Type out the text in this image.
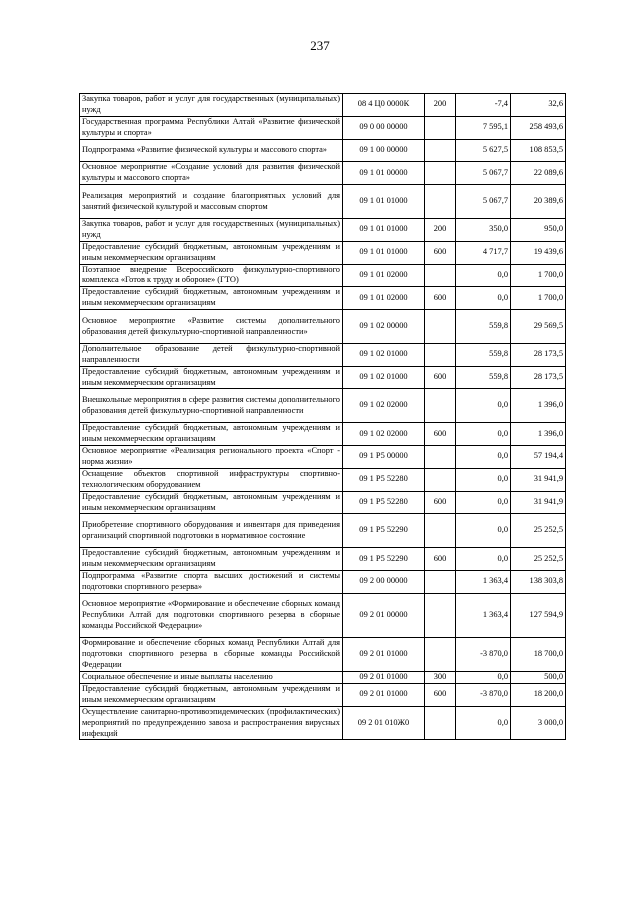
237
Закупка товаров, работ и услуг для государственных (муниципальных) нужд	08 4 Ц0 0000К	200	-7,4	32,6
Государственная программа Республики Алтай «Развитие физической культуры и спорта»	09 0 00 00000		7 595,1	258 493,6
Подпрограмма «Развитие физической культуры и массового спорта»	09 1 00 00000		5 627,5	108 853,5
Основное мероприятие «Создание условий для развития физической культуры и массового спорта»	09 1 01 00000		5 067,7	22 089,6
Реализация мероприятий и создание благоприятных условий для занятий физической культурой и массовым спортом	09 1 01 01000		5 067,7	20 389,6
Закупка товаров, работ и услуг для государственных (муниципальных) нужд	09 1 01 01000	200	350,0	950,0
Предоставление субсидий бюджетным, автономным учреждениям и иным некоммерческим организациям	09 1 01 01000	600	4 717,7	19 439,6
Поэтапное внедрение Всероссийского физкультурно-спортивного комплекса «Готов к труду и обороне» (ГТО)	09 1 01 02000		0,0	1 700,0
Предоставление субсидий бюджетным, автономным учреждениям и иным некоммерческим организациям	09 1 01 02000	600	0,0	1 700,0
Основное мероприятие «Развитие системы дополнительного образования детей физкультурно-спортивной направленности»	09 1 02 00000		559,8	29 569,5
Дополнительное образование детей физкультурно-спортивной направленности	09 1 02 01000		559,8	28 173,5
Предоставление субсидий бюджетным, автономным учреждениям и иным некоммерческим организациям	09 1 02 01000	600	559,8	28 173,5
Внешкольные мероприятия в сфере развития системы дополнительного образования детей физкультурно-спортивной направленности	09 1 02 02000		0,0	1 396,0
Предоставление субсидий бюджетным, автономным учреждениям и иным некоммерческим организациям	09 1 02 02000	600	0,0	1 396,0
Основное мероприятие «Реализация регионального проекта «Спорт - норма жизни»	09 1 P5 00000		0,0	57 194,4
Оснащение объектов спортивной инфраструктуры спортивно-технологическим оборудованием	09 1 P5 52280		0,0	31 941,9
Предоставление субсидий бюджетным, автономным учреждениям и иным некоммерческим организациям	09 1 P5 52280	600	0,0	31 941,9
Приобретение спортивного оборудования и инвентаря для приведения организаций спортивной подготовки в нормативное состояние	09 1 P5 52290		0,0	25 252,5
Предоставление субсидий бюджетным, автономным учреждениям и иным некоммерческим организациям	09 1 P5 52290	600	0,0	25 252,5
Подпрограмма «Развитие спорта высших достижений и системы подготовки спортивного резерва»	09 2 00 00000		1 363,4	138 303,8
Основное мероприятие «Формирование и обеспечение сборных команд Республики Алтай для подготовки спортивного резерва в сборные команды Российской Федерации»	09 2 01 00000		1 363,4	127 594,9
Формирование и обеспечение сборных команд Республики Алтай для подготовки спортивного резерва в сборные команды Российской Федерации	09 2 01 01000		-3 870,0	18 700,0
Социальное обеспечение и иные выплаты населению	09 2 01 01000	300	0,0	500,0
Предоставление субсидий бюджетным, автономным учреждениям и иным некоммерческим организациям	09 2 01 01000	600	-3 870,0	18 200,0
Осуществление санитарно-противоэпидемических (профилактических) мероприятий по предупреждению завоза и распространения вирусных инфекций	09 2 01 010Ж0		0,0	3 000,0
